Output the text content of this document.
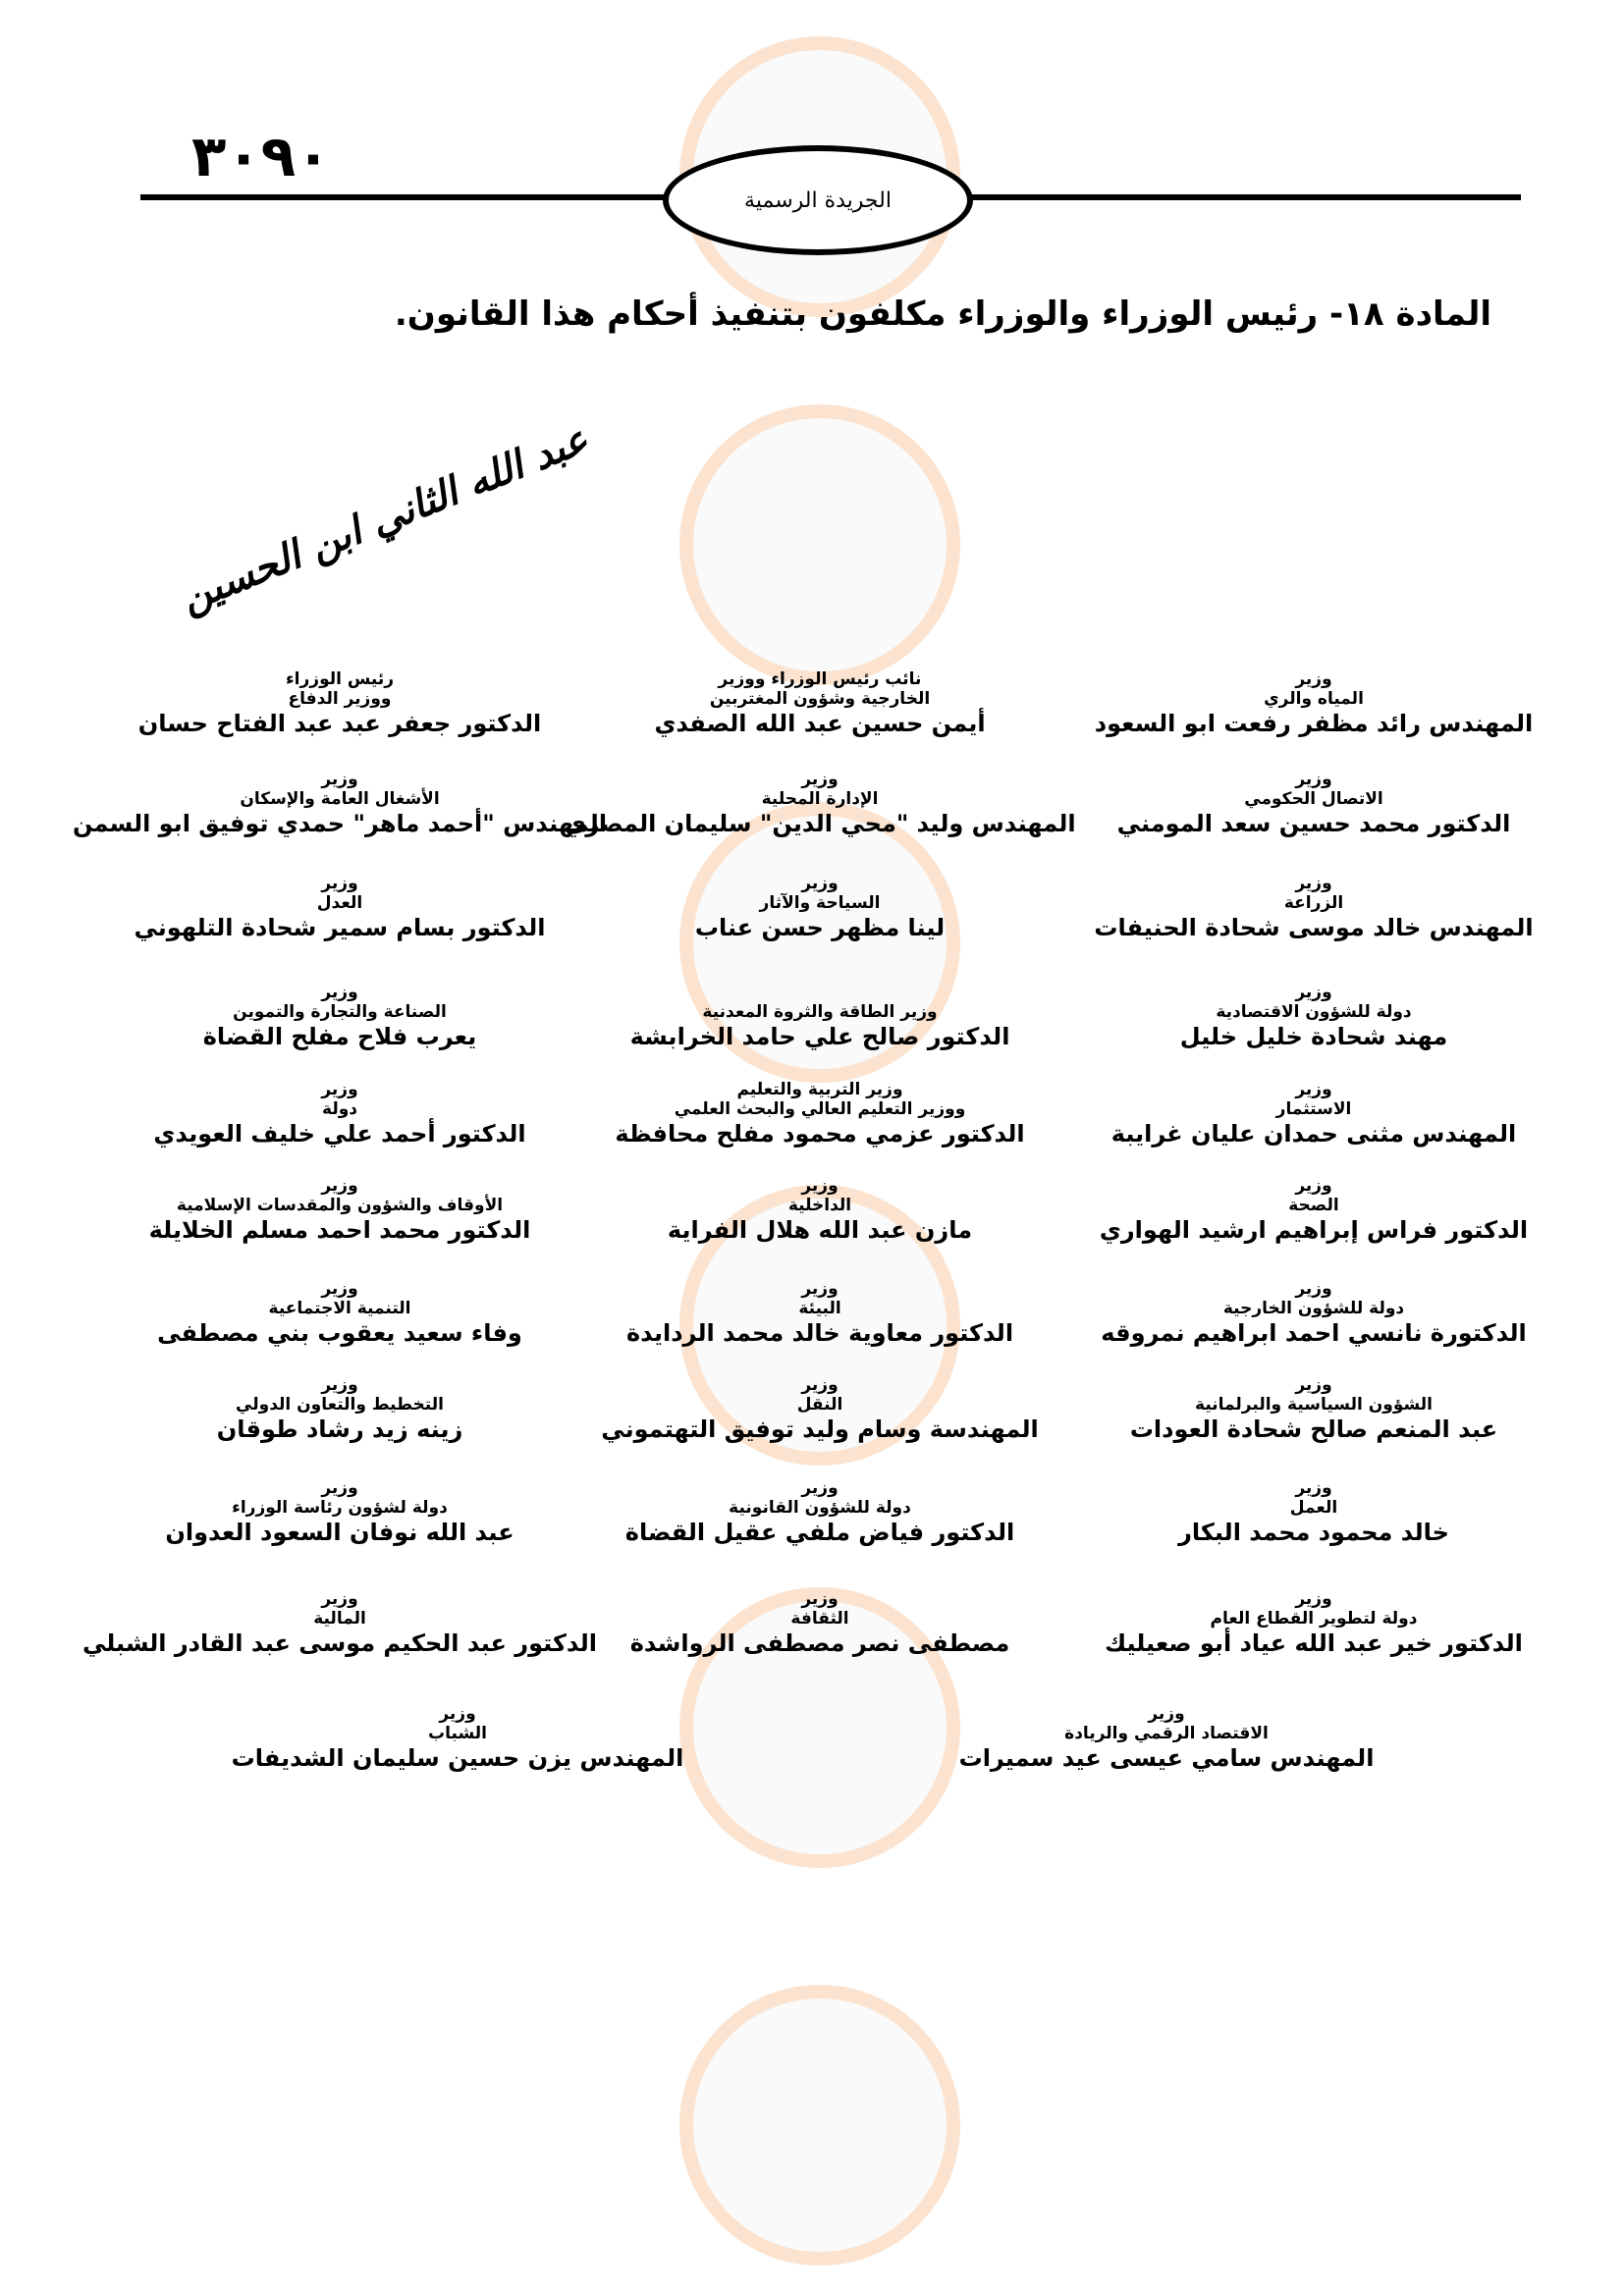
٣٠٩٠
الجريدة الرسمية
المادة ١٨- رئيس الوزراء والوزراء مكلفون بتنفيذ أحكام هذا القانون.
عبد الله الثاني ابن الحسين
وزير
المياه والري
المهندس رائد مظفر رفعت ابو السعود
نائب رئيس الوزراء ووزير
الخارجية وشؤون المغتربين
أيمن حسين عبد الله الصفدي
رئيس الوزراء
ووزير الدفاع
الدكتور جعفر عبد عبد الفتاح حسان
وزير
الاتصال الحكومي
الدكتور محمد حسين سعد المومني
وزير
الإدارة المحلية
المهندس وليد "محي الدين" سليمان المصري
وزير
الأشغال العامة والإسكان
المهندس "أحمد ماهر" حمدي توفيق ابو السمن
وزير
الزراعة
المهندس خالد موسى شحادة الحنيفات
وزير
السياحة والآثار
لينا مظهر حسن عناب
وزير
العدل
الدكتور بسام سمير شحادة التلهوني
وزير
دولة للشؤون الاقتصادية
مهند شحادة خليل خليل
وزير الطاقة والثروة المعدنية
الدكتور صالح علي حامد الخرابشة
وزير
الصناعة والتجارة والتموين
يعرب فلاح مفلح القضاة
وزير
الاستثمار
المهندس مثنى حمدان عليان غرايبة
وزير التربية والتعليم
ووزير التعليم العالي والبحث العلمي
الدكتور عزمي محمود مفلح محافظة
وزير
دولة
الدكتور أحمد علي خليف العويدي
وزير
الصحة
الدكتور فراس إبراهيم ارشيد الهواري
وزير
الداخلية
مازن عبد الله هلال الفراية
وزير
الأوقاف والشؤون والمقدسات الإسلامية
الدكتور محمد احمد مسلم الخلايلة
وزير
دولة للشؤون الخارجية
الدكتورة نانسي احمد ابراهيم نمروقه
وزير
البيئة
الدكتور معاوية خالد محمد الردايدة
وزير
التنمية الاجتماعية
وفاء سعيد يعقوب بني مصطفى
وزير
الشؤون السياسية والبرلمانية
عبد المنعم صالح شحادة العودات
وزير
النقل
المهندسة وسام وليد توفيق التهتموني
وزير
التخطيط والتعاون الدولي
زينه زيد رشاد طوقان
وزير
العمل
خالد محمود محمد البكار
وزير
دولة للشؤون القانونية
الدكتور فياض ملفي عقيل القضاة
وزير
دولة لشؤون رئاسة الوزراء
عبد الله نوفان السعود العدوان
وزير
دولة لتطوير القطاع العام
الدكتور خير عبد الله عياد أبو صعيليك
وزير
الثقافة
مصطفى نصر مصطفى الرواشدة
وزير
المالية
الدكتور عبد الحكيم موسى عبد القادر الشبلي
وزير
الاقتصاد الرقمي والريادة
المهندس سامي عيسى عيد سميرات
وزير
الشباب
المهندس يزن حسين سليمان الشديفات
